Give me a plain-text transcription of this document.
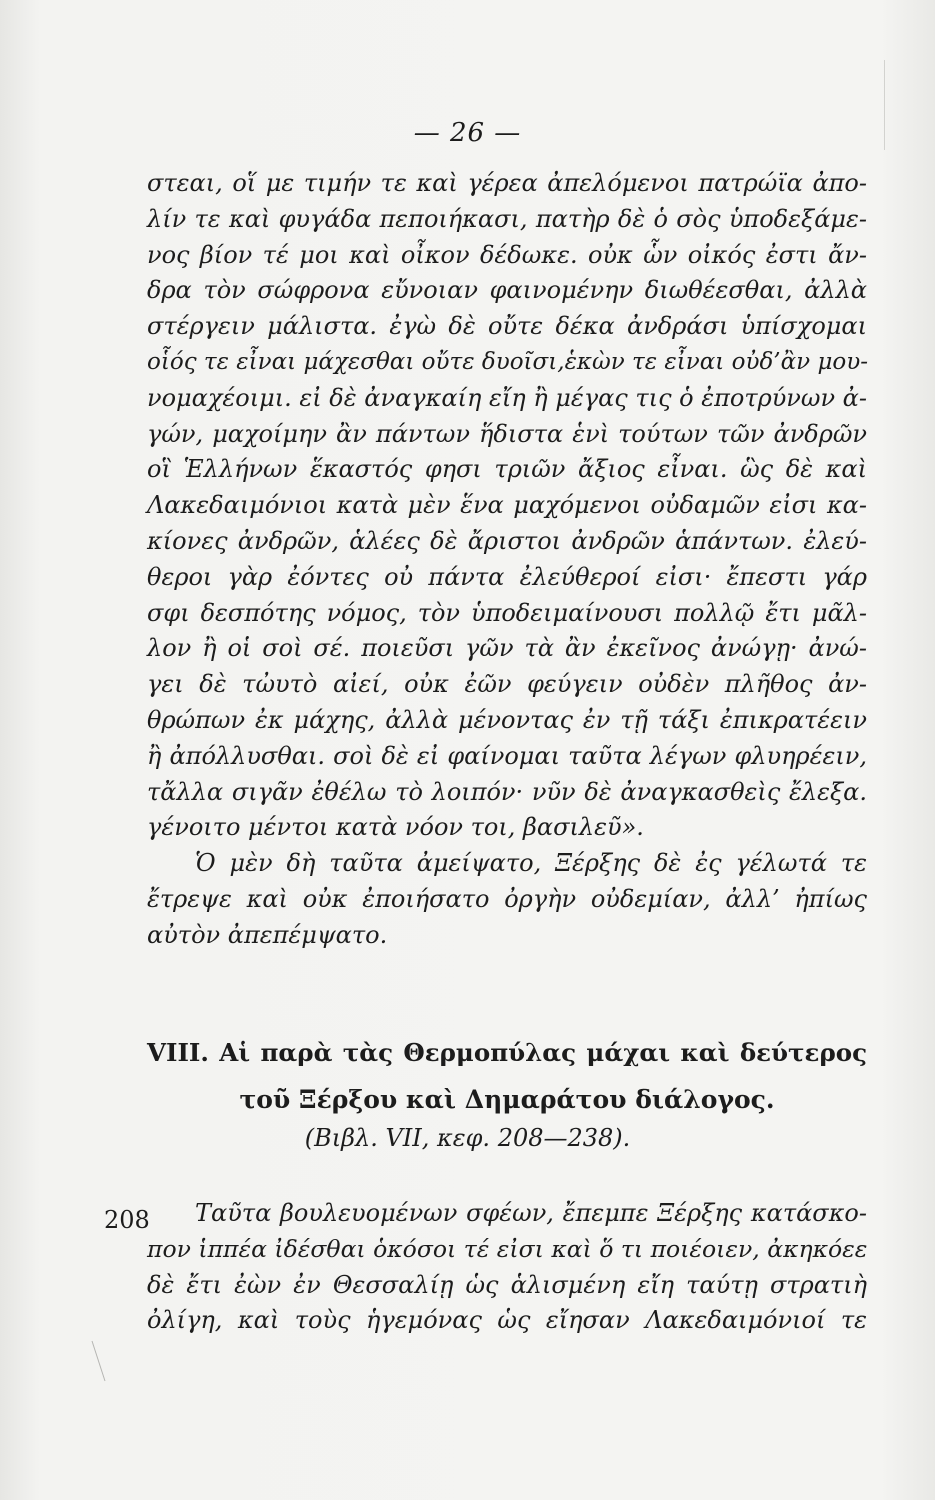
— 26 —
στεαι, οἵ με τιμήν τε καὶ γέρεα ἀπελόμενοι πατρώϊα ἀπο-
λίν τε καὶ φυγάδα πεποιήκασι, πατὴρ δὲ ὁ σὸς ὑποδεξάμε-
νος βίον τέ μοι καὶ οἶκον δέδωκε. οὐκ ὧν οἰκός ἐστι ἄν-
δρα τὸν σώφρονα εὔνοιαν φαινομένην διωθέεσθαι, ἀλλὰ
στέργειν μάλιστα. ἐγὼ δὲ οὔτε δέκα ἀνδράσι ὑπίσχομαι
οἷός τε εἶναι μάχεσθαι οὔτε δυοῖσι,ἑκὼν τε εἶναι οὐδ’ἂν μου-
νομαχέοιμι. εἰ δὲ ἀναγκαίη εἴη ἢ μέγας τις ὁ ἐποτρύνων ἀ-
γών, μαχοίμην ἂν πάντων ἥδιστα ἑνὶ τούτων τῶν ἀνδρῶν
οἳ Ἑλλήνων ἕκαστός φησι τριῶν ἄξιος εἶναι. ὣς δὲ καὶ
Λακεδαιμόνιοι κατὰ μὲν ἕνα μαχόμενοι οὐδαμῶν εἰσι κα-
κίονες ἀνδρῶν, ἁλέες δὲ ἄριστοι ἀνδρῶν ἁπάντων. ἐλεύ-
θεροι γὰρ ἐόντες οὐ πάντα ἐλεύθεροί εἰσι· ἔπεστι γάρ
σφι δεσπότης νόμος, τὸν ὑποδειμαίνουσι πολλῷ ἔτι μᾶλ-
λον ἢ οἱ σοὶ σέ. ποιεῦσι γῶν τὰ ἂν ἐκεῖνος ἀνώγῃ· ἀνώ-
γει δὲ τὠυτὸ αἰεί, οὐκ ἐῶν φεύγειν οὐδὲν πλῆθος ἀν-
θρώπων ἐκ μάχης, ἀλλὰ μένοντας ἐν τῇ τάξι ἐπικρατέειν
ἢ ἀπόλλυσθαι. σοὶ δὲ εἰ φαίνομαι ταῦτα λέγων φλυηρέειν,
τἄλλα σιγᾶν ἐθέλω τὸ λοιπόν· νῦν δὲ ἀναγκασθεὶς ἔλεξα.
γένοιτο μέντοι κατὰ νόον τοι, βασιλεῦ».
Ὁ μὲν δὴ ταῦτα ἀμείψατο, Ξέρξης δὲ ἐς γέλωτά τε
ἔτρεψε καὶ οὐκ ἐποιήσατο ὀργὴν οὐδεμίαν, ἀλλ’ ἠπίως
αὐτὸν ἀπεπέμψατο.
VIII. Αἱ παρὰ τὰς Θερμοπύλας μάχαι καὶ δεύτερος
τοῦ Ξέρξου καὶ Δημαράτου διάλογος.
(Βιβλ. VII, κεφ. 208—238).
208	Ταῦτα βουλευομένων σφέων, ἔπεμπε Ξέρξης κατάσκο-
πον ἱππέα ἰδέσθαι ὁκόσοι τέ εἰσι καὶ ὅ τι ποιέοιεν, ἀκηκόεε
δὲ ἔτι ἐὼν ἐν Θεσσαλίῃ ὡς ἁλισμένη εἴη ταύτῃ στρατιὴ
ὀλίγη, καὶ τοὺς ἡγεμόνας ὡς εἴησαν Λακεδαιμόνιοί τε
